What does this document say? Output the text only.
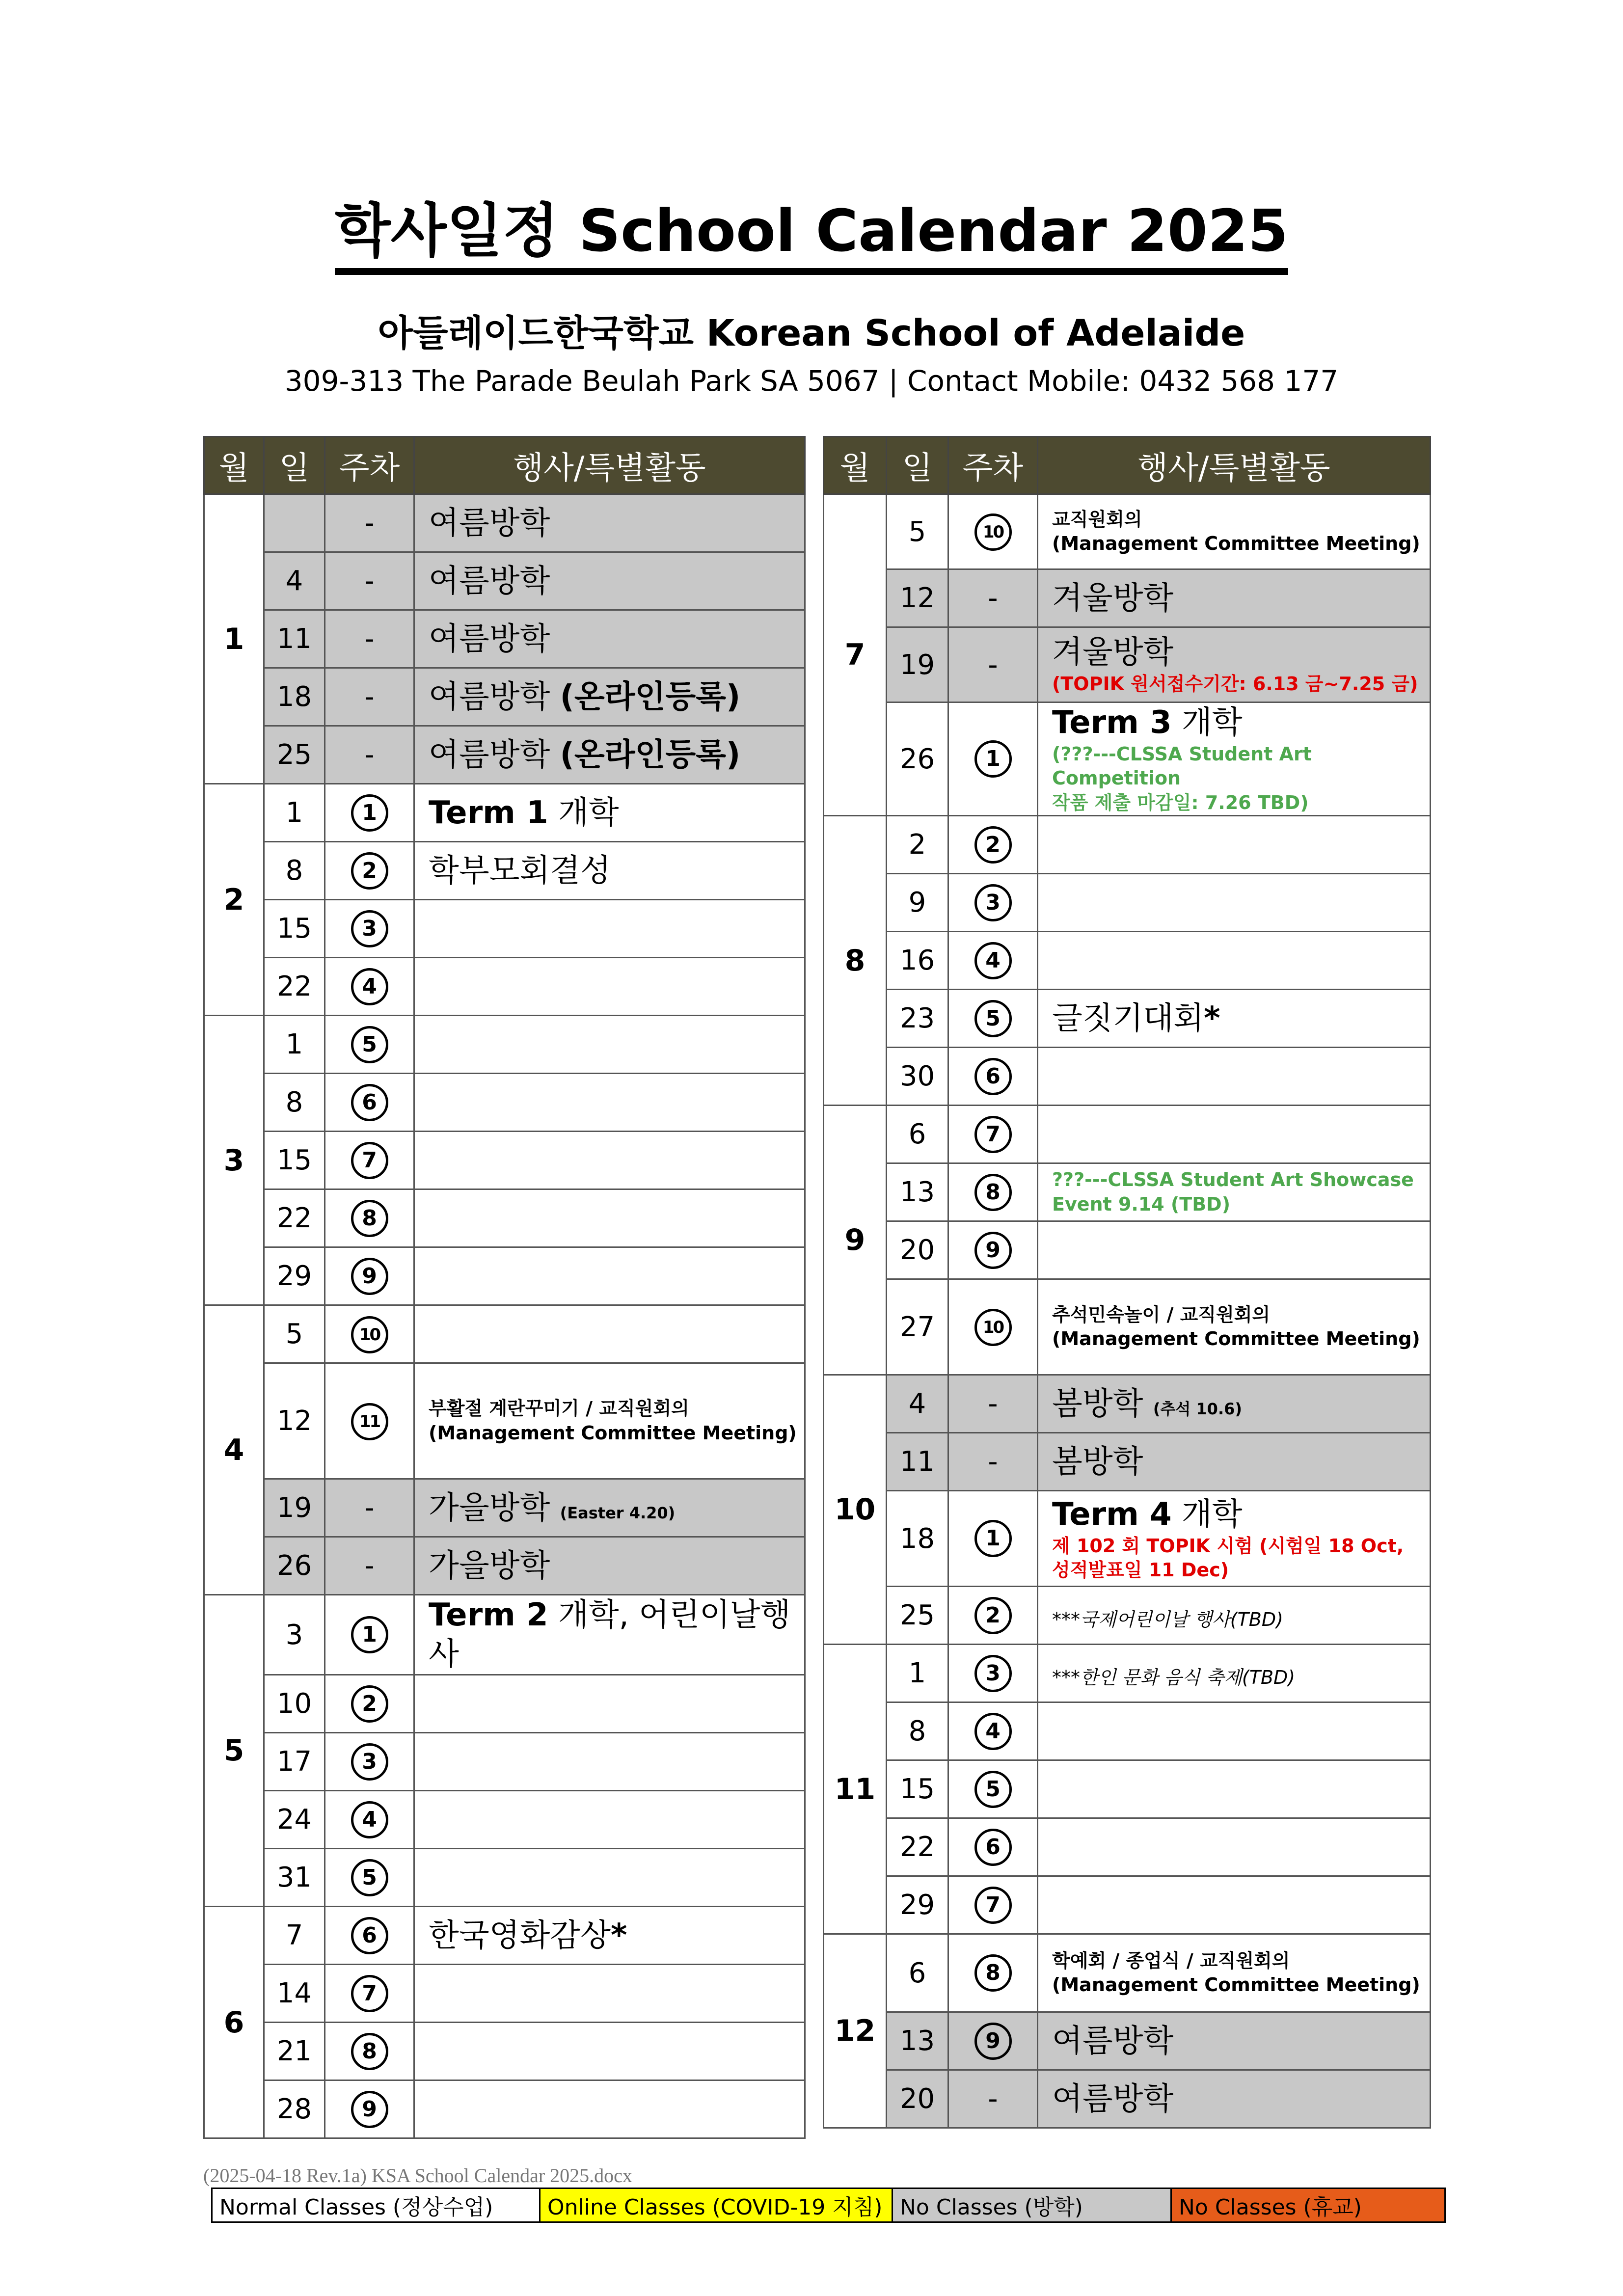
학사일정 School Calendar 2025
아들레이드한국학교 Korean School of Adelaide
309-313 The Parade Beulah Park SA 5067 | Contact Mobile: 0432 568 177
월	일	주차	행사/특별활동
1		-	여름방학
	4	-	여름방학
	11	-	여름방학
	18	-	여름방학 (온라인등록)
	25	-	여름방학 (온라인등록)
2	1	1	Term 1 개학
	8	2	학부모회결성
	15	3	
	22	4	
3	1	5	
	8	6	
	15	7	
	22	8	
	29	9	
4	5	10	
	12	11	부활절 계란꾸미기 / 교직원회의
(Management Committee Meeting)

	19	-	가을방학 (Easter 4.20)
	26	-	가을방학
5	3	1	Term 2 개학, 어린이날행사
	10	2	
	17	3	
	24	4	
	31	5	
6	7	6	한국영화감상*
	14	7	
	21	8	
	28	9	
월	일	주차	행사/특별활동
7	5	10	교직원회의
(Management Committee Meeting)

	12	-	겨울방학
	19	-	겨울방학
(TOPIK 원서접수기간: 6.13 금~7.25 금)

	26	1	Term 3 개학
(???---CLSSA Student Art Competition
작품 제출 마감일: 7.26 TBD)

8	2	2	
	9	3	
	16	4	
	23	5	글짓기대회*
	30	6	
9	6	7	
	13	8	???---CLSSA Student Art Showcase
Event 9.14 (TBD)

	20	9	
	27	10	추석민속놀이 / 교직원회의
(Management Committee Meeting)

10	4	-	봄방학 (추석 10.6)
	11	-	봄방학
	18	1	Term 4 개학
제 102 회 TOPIK 시험 (시험일 18 Oct,
성적발표일 11 Dec)

	25	2	***국제어린이날 행사(TBD)
11	1	3	***한인 문화 음식 축제(TBD)
	8	4	
	15	5	
	22	6	
	29	7	
12	6	8	학예회 / 종업식 / 교직원회의
(Management Committee Meeting)

	13	9	여름방학
	20	-	여름방학
(2025-04-18 Rev.1a) KSA School Calendar 2025.docx
Normal Classes (정상수업)	Online Classes (COVID-19 지침)	No Classes (방학)	No Classes (휴교)
